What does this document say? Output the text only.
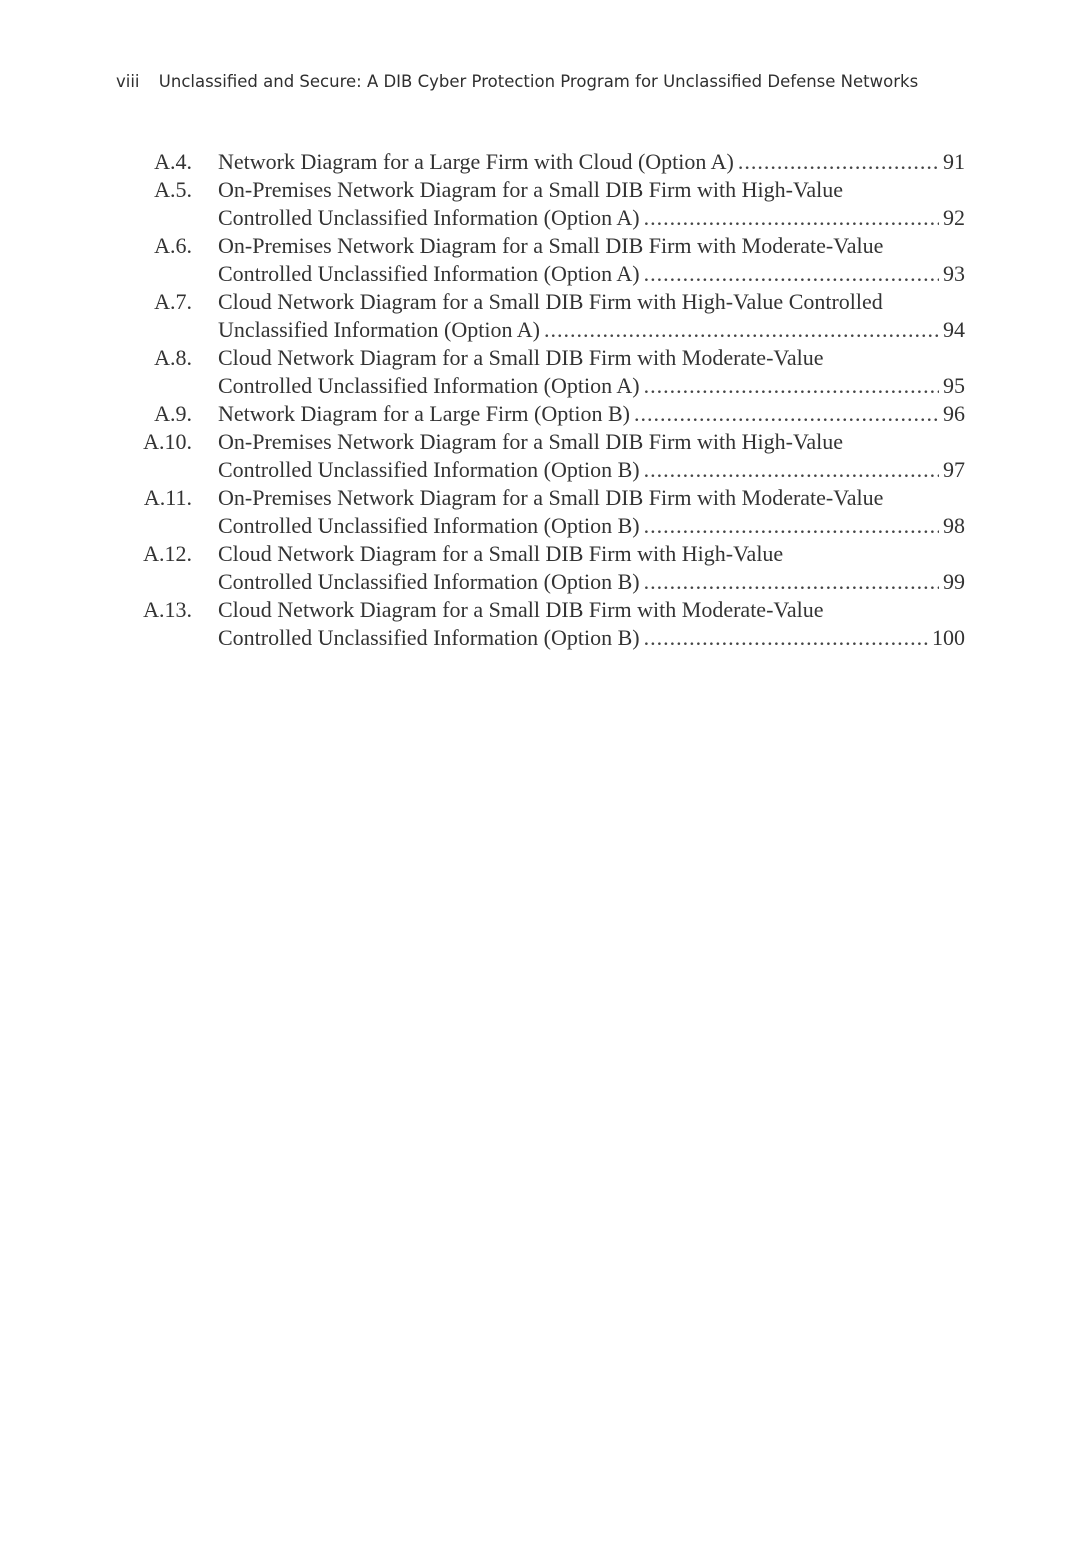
viii Unclassified and Secure: A DIB Cyber Protection Program for Unclassified Defense Networks
A.4. Network Diagram for a Large Firm with Cloud (Option A) .....	91
A.5. On-Premises Network Diagram for a Small DIB Firm with High-Value
Controlled Unclassified Information (Option A) .....	92
A.6. On-Premises Network Diagram for a Small DIB Firm with Moderate-Value
Controlled Unclassified Information (Option A) .....	93
A.7. Cloud Network Diagram for a Small DIB Firm with High-Value Controlled
Unclassified Information (Option A) .....	94
A.8. Cloud Network Diagram for a Small DIB Firm with Moderate-Value
Controlled Unclassified Information (Option A) .....	95
A.9. Network Diagram for a Large Firm (Option B) .....	96
A.10. On-Premises Network Diagram for a Small DIB Firm with High-Value
Controlled Unclassified Information (Option B) .....	97
A.11. On-Premises Network Diagram for a Small DIB Firm with Moderate-Value
Controlled Unclassified Information (Option B) .....	98
A.12. Cloud Network Diagram for a Small DIB Firm with High-Value
Controlled Unclassified Information (Option B) .....	99
A.13. Cloud Network Diagram for a Small DIB Firm with Moderate-Value
Controlled Unclassified Information (Option B) .....	100
